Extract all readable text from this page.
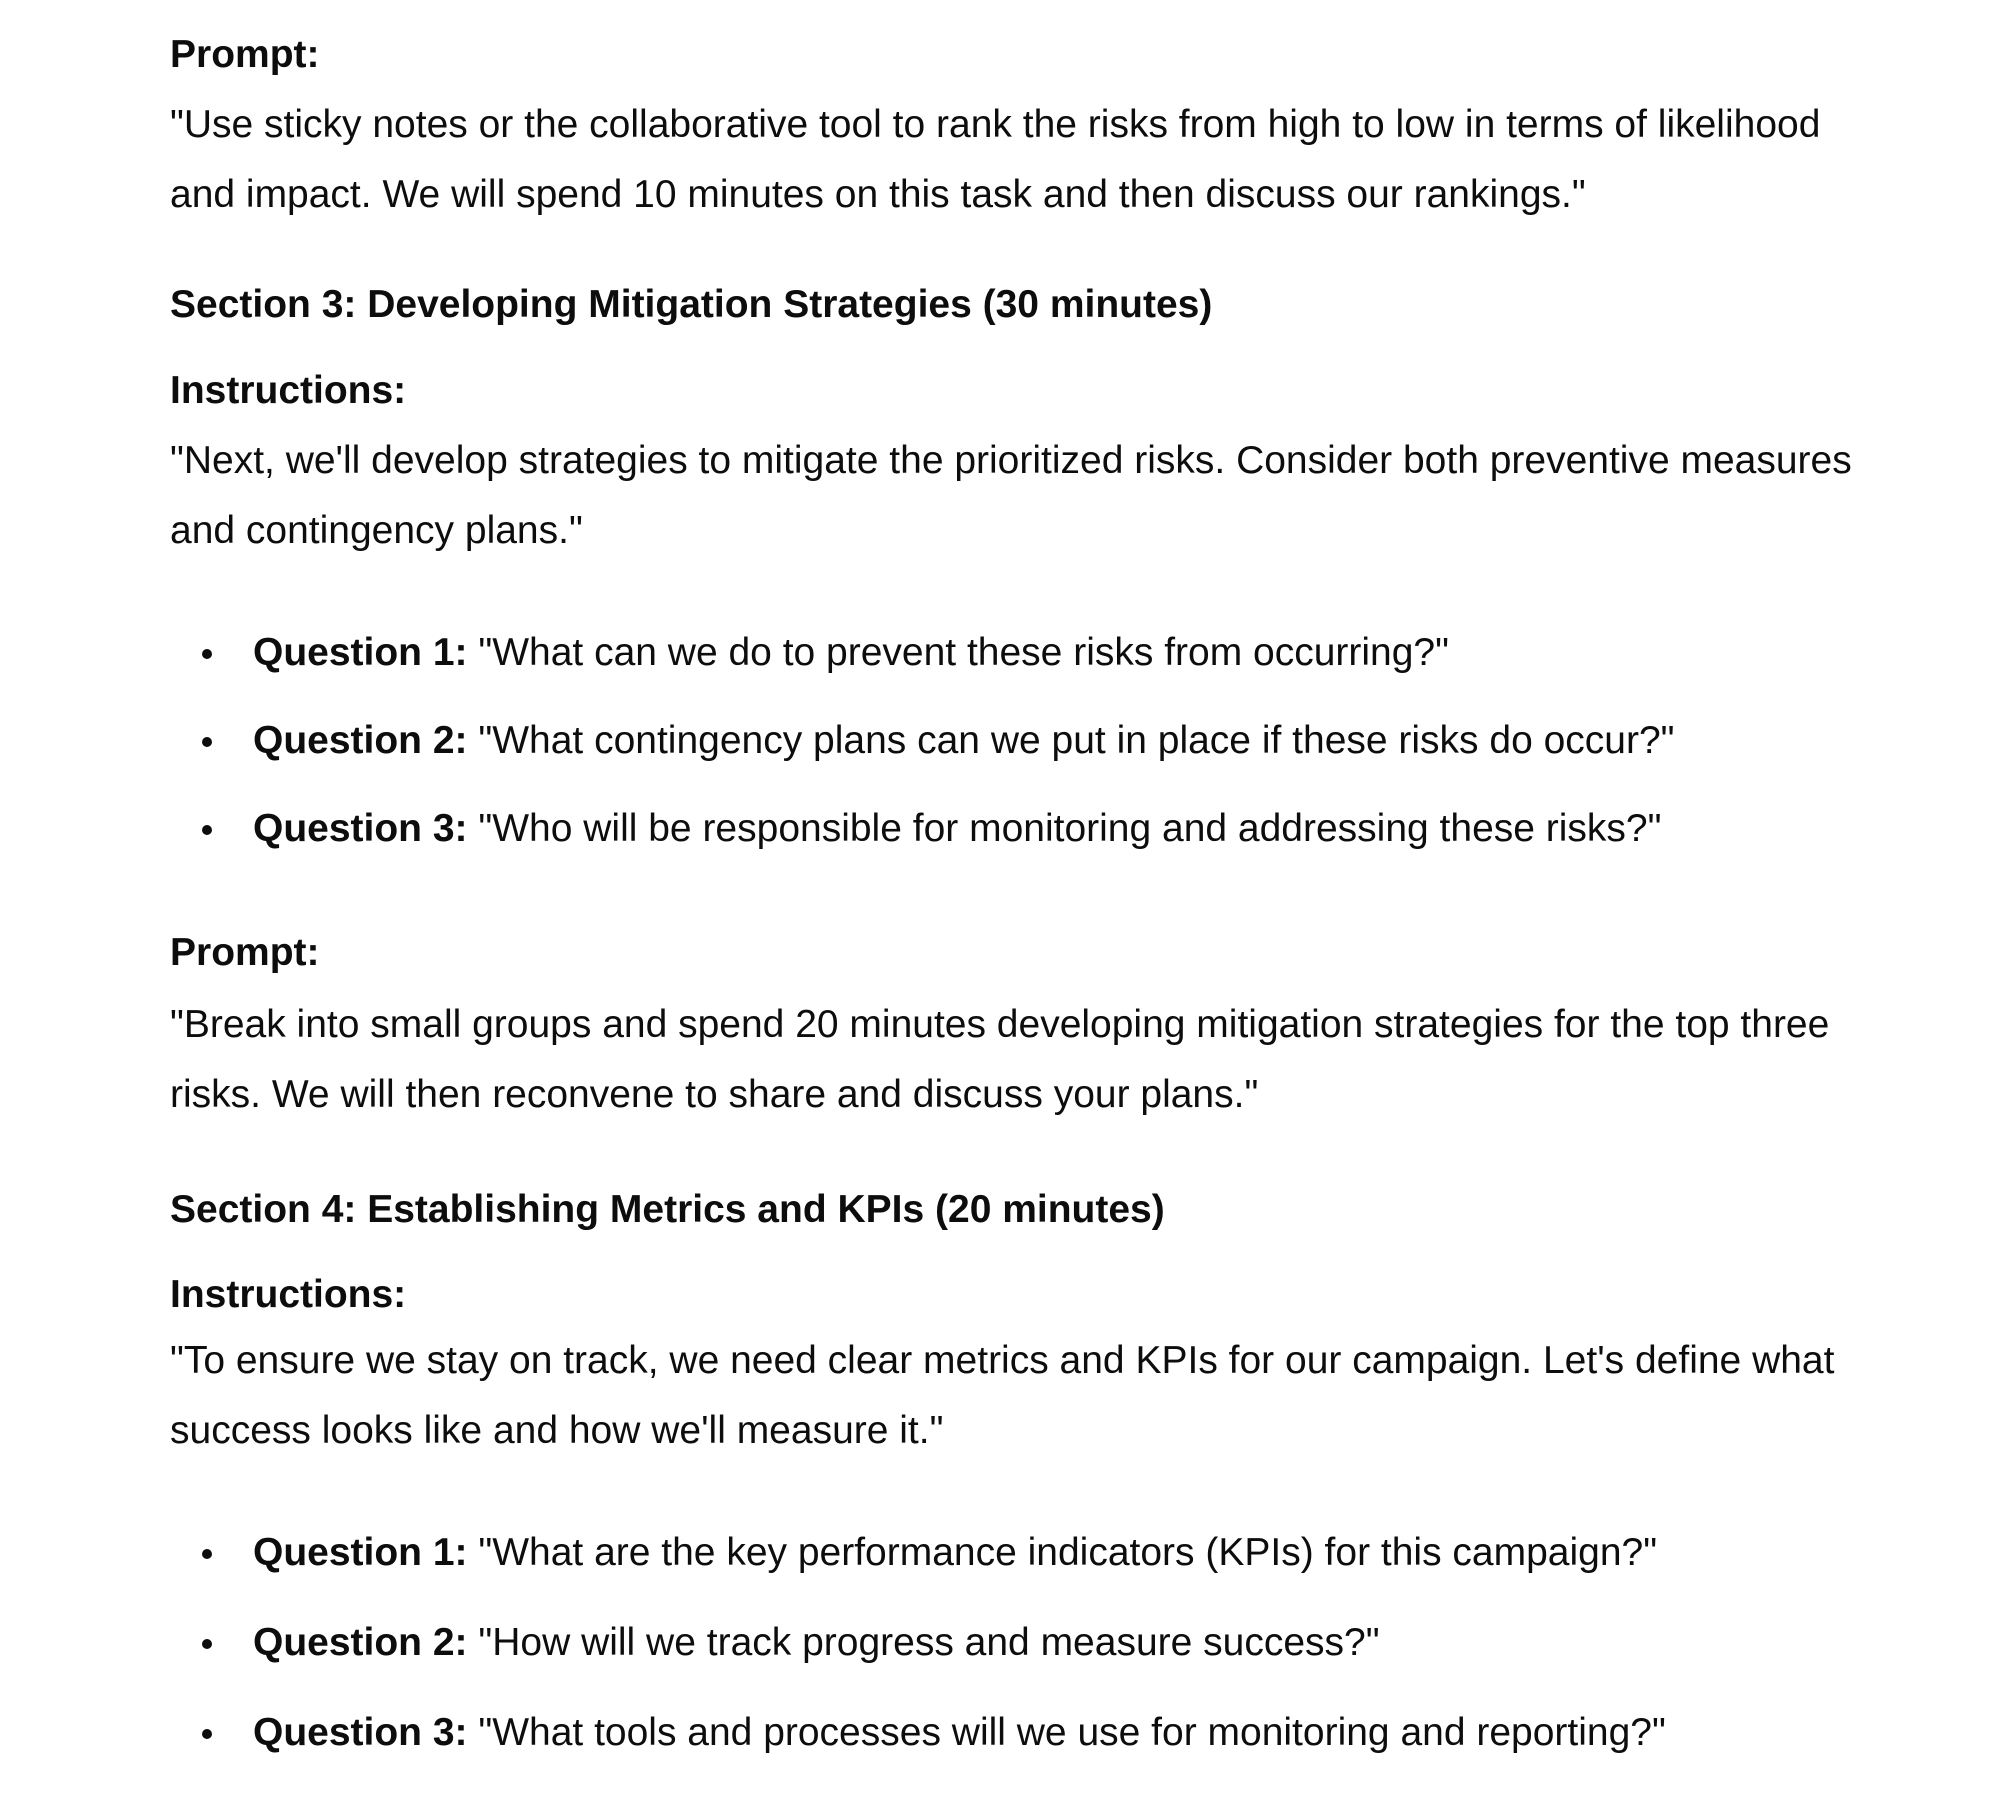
Prompt:
"Use sticky notes or the collaborative tool to rank the risks from high to low in terms of likelihood
and impact. We will spend 10 minutes on this task and then discuss our rankings."
Section 3: Developing Mitigation Strategies (30 minutes)
Instructions:
"Next, we'll develop strategies to mitigate the prioritized risks. Consider both preventive measures
and contingency plans."
Question 1: "What can we do to prevent these risks from occurring?"
Question 2: "What contingency plans can we put in place if these risks do occur?"
Question 3: "Who will be responsible for monitoring and addressing these risks?"
Prompt:
"Break into small groups and spend 20 minutes developing mitigation strategies for the top three
risks. We will then reconvene to share and discuss your plans."
Section 4: Establishing Metrics and KPIs (20 minutes)
Instructions:
"To ensure we stay on track, we need clear metrics and KPIs for our campaign. Let's define what
success looks like and how we'll measure it."
Question 1: "What are the key performance indicators (KPIs) for this campaign?"
Question 2: "How will we track progress and measure success?"
Question 3: "What tools and processes will we use for monitoring and reporting?"
